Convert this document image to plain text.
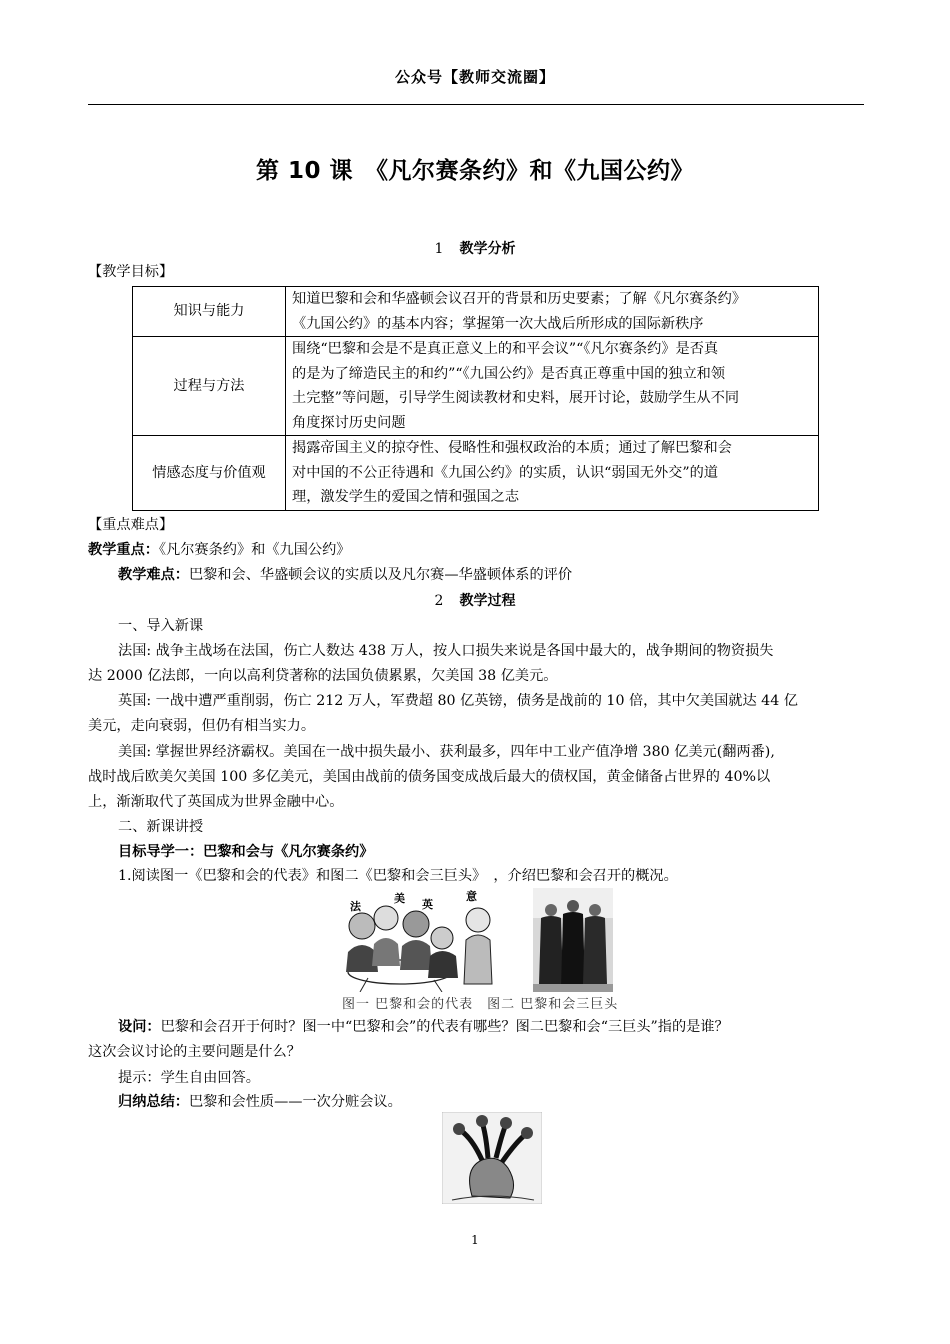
公众号【教师交流圈】
第 10 课　《凡尔赛条约》和《九国公约》
1 教学分析
【教学目标】
知识与能力	知道巴黎和会和华盛顿会议召开的背景和历史要素；了解《凡尔赛条约》
《九国公约》的基本内容；掌握第一次大战后所形成的国际新秩序

过程与方法	围绕“巴黎和会是不是真正意义上的和平会议”“《凡尔赛条约》是否真
的是为了缔造民主的和约”“《九国公约》是否真正尊重中国的独立和领
土完整”等问题，引导学生阅读教材和史料，展开讨论，鼓励学生从不同
角度探讨历史问题

情感态度与价值观	揭露帝国主义的掠夺性、侵略性和强权政治的本质；通过了解巴黎和会
对中国的不公正待遇和《九国公约》的实质，认识“弱国无外交”的道
理，激发学生的爱国之情和强国之志
【重点难点】
教学重点：《凡尔赛条约》和《九国公约》
教学难点：巴黎和会、华盛顿会议的实质以及凡尔赛—华盛顿体系的评价
2 教学过程
一、导入新课
法国: 战争主战场在法国，伤亡人数达 438 万人，按人口损失来说是各国中最大的，战争期间的物资损失
达 2000 亿法郎，一向以高利贷著称的法国负债累累，欠美国 38 亿美元。
英国: 一战中遭严重削弱，伤亡 212 万人，军费超 80 亿英镑，债务是战前的 10 倍，其中欠美国就达 44 亿
美元，走向衰弱，但仍有相当实力。
美国: 掌握世界经济霸权。美国在一战中损失最小、获利最多，四年中工业产值净增 380 亿美元(翻两番),
战时战后欧美欠美国 100 多亿美元，美国由战前的债务国变成战后最大的债权国，黄金储备占世界的 40%以
上，渐渐取代了英国成为世界金融中心。
二、新课讲授
目标导学一：巴黎和会与《凡尔赛条约》
1.阅读图一《巴黎和会的代表》和图二《巴黎和会三巨头》　，介绍巴黎和会召开的概况。
法
美 英
意
图一 巴黎和会的代表　图二 巴黎和会三巨头
设问：巴黎和会召开于何时？图一中“巴黎和会”的代表有哪些？图二巴黎和会“三巨头”指的是谁？
这次会议讨论的主要问题是什么？
提示：学生自由回答。
归纳总结：巴黎和会性质——一次分赃会议。
1
